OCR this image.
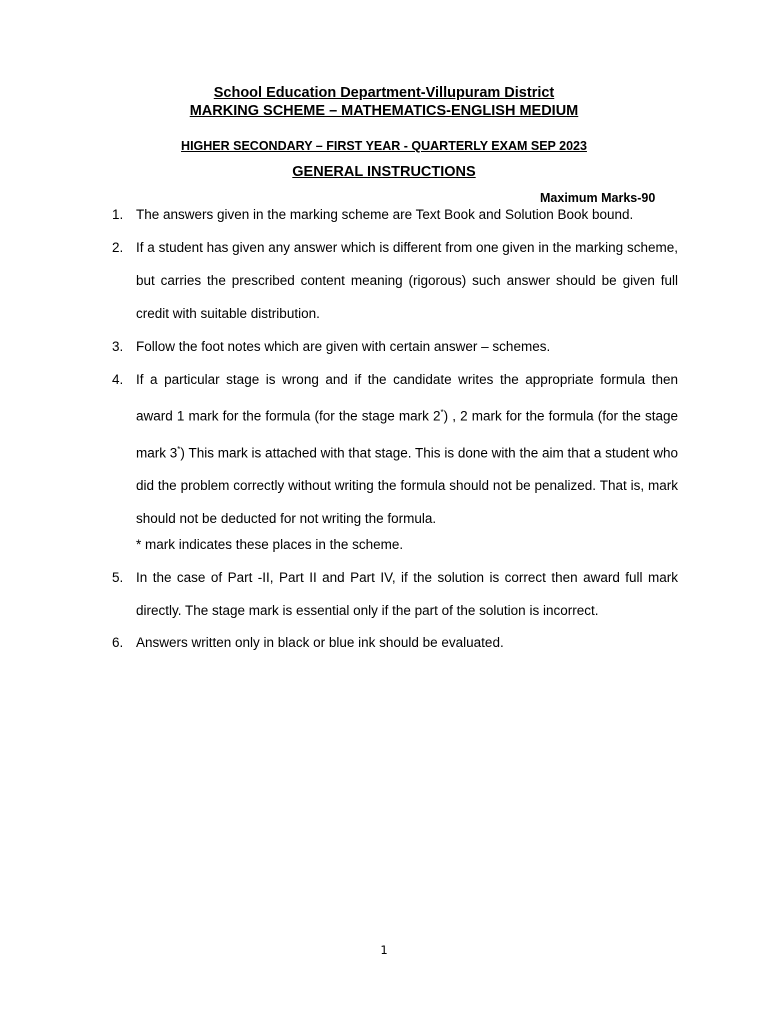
School Education Department-Villupuram District
MARKING SCHEME – MATHEMATICS-ENGLISH MEDIUM
HIGHER SECONDARY – FIRST YEAR - QUARTERLY EXAM SEP 2023
GENERAL INSTRUCTIONS
Maximum Marks-90
1. The answers given in the marking scheme are Text Book and Solution Book bound.
2. If a student has given any answer which is different from one given in the marking scheme, but carries the prescribed content meaning (rigorous) such answer should be given full credit with suitable distribution.
3. Follow the foot notes which are given with certain answer – schemes.
4. If a particular stage is wrong and if the candidate writes the appropriate formula then award 1 mark for the formula (for the stage mark 2*) , 2 mark for the formula (for the stage mark 3*) This mark is attached with that stage. This is done with the aim that a student who did the problem correctly without writing the formula should not be penalized. That is, mark should not be deducted for not writing the formula.
* mark indicates these places in the scheme.
5. In the case of Part -II, Part II and Part IV, if the solution is correct then award full mark directly. The stage mark is essential only if the part of the solution is incorrect.
6. Answers written only in black or blue ink should be evaluated.
1
